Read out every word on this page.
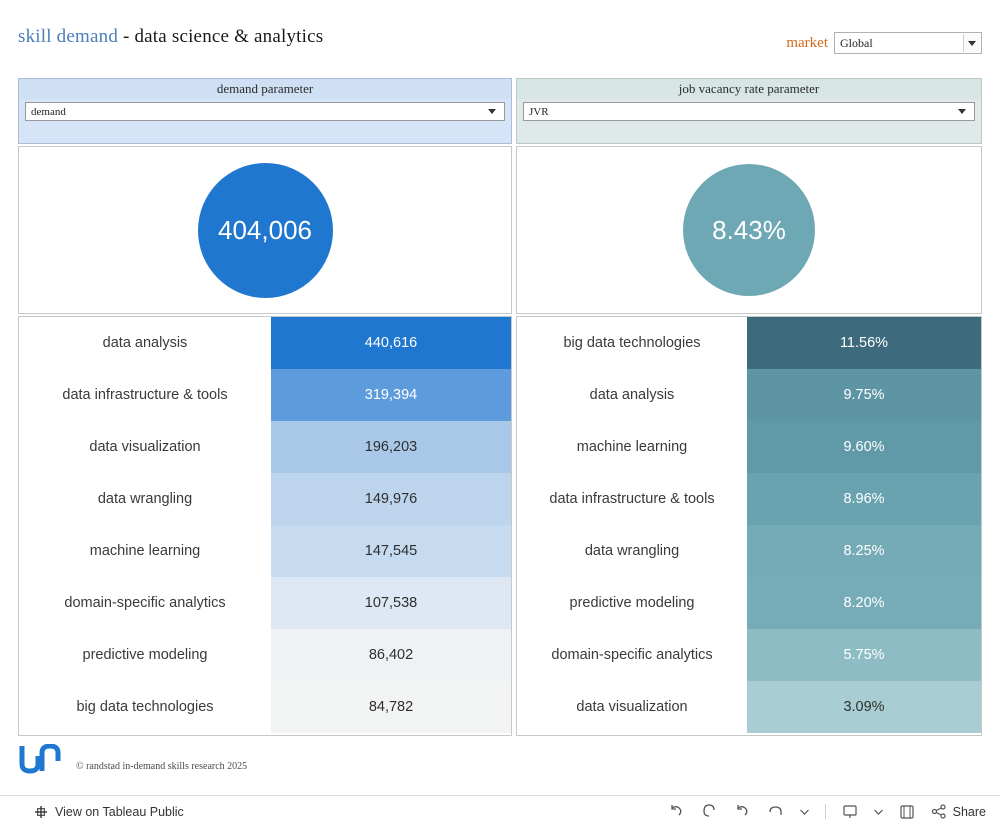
skill demand - data science & analytics	market Global
demand parameter
demand
job vacancy rate parameter
JVR
404,006	8.43%
data analysis	440,616
data infrastructure & tools	319,394
data visualization	196,203
data wrangling	149,976
machine learning	147,545
domain-specific analytics	107,538
predictive modeling	86,402
big data technologies	84,782
big data technologies	11.56%
data analysis	9.75%
machine learning	9.60%
data infrastructure & tools	8.96%
data wrangling	8.25%
predictive modeling	8.20%
domain-specific analytics	5.75%
data visualization	3.09%
© randstad in-demand skills research 2025
View on Tableau Public	Share
